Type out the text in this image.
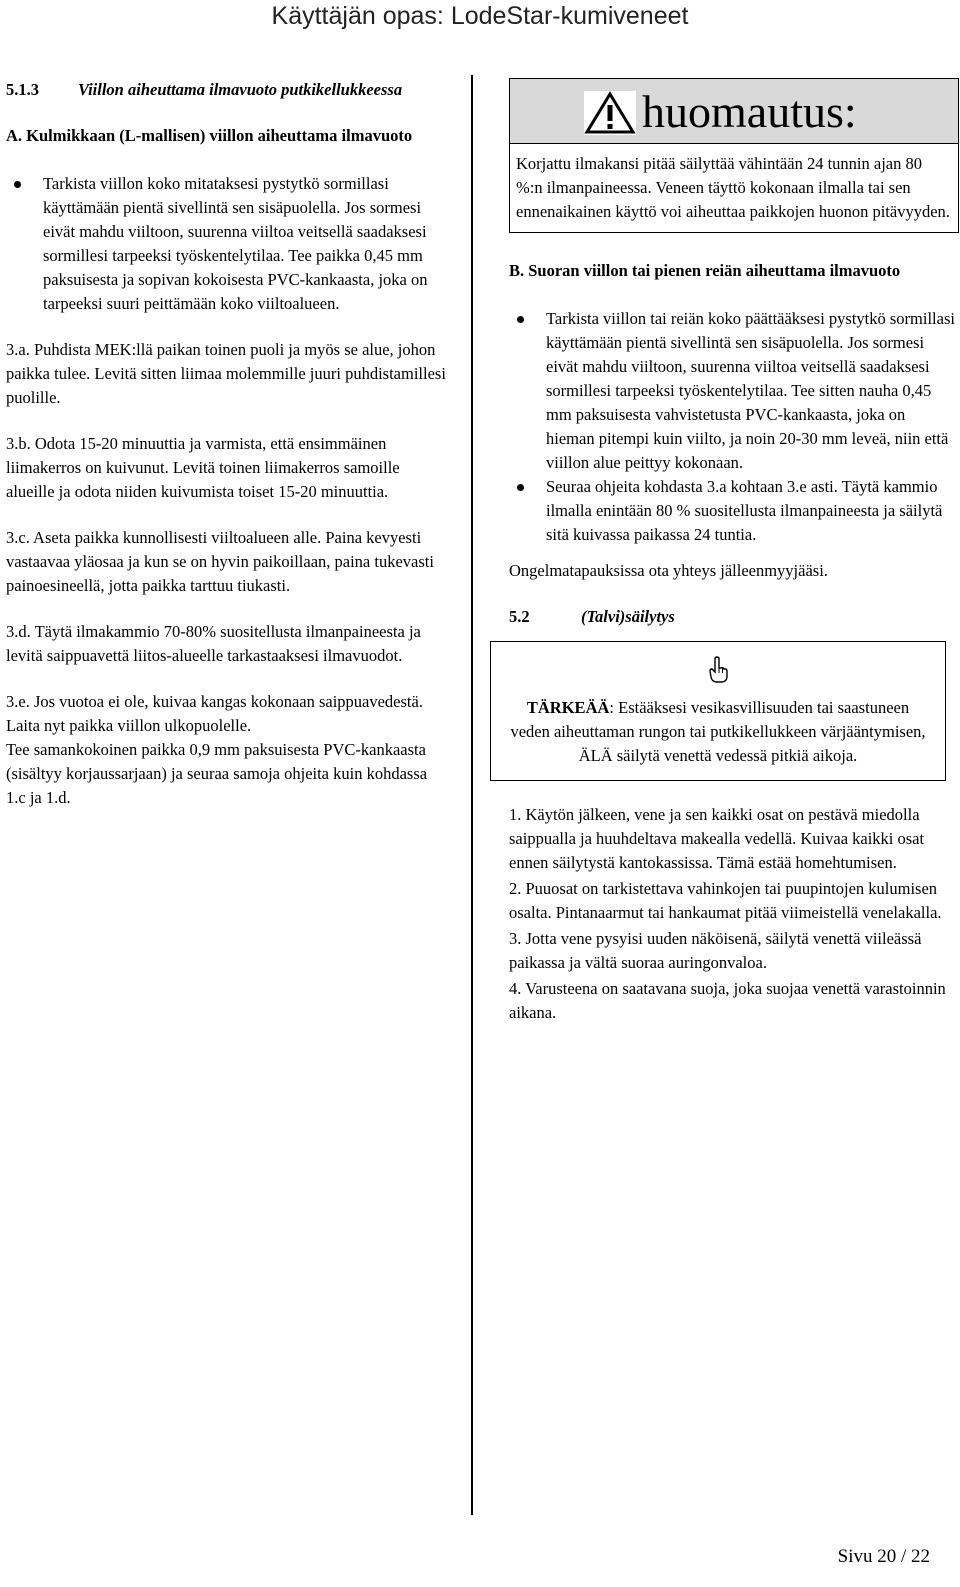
Käyttäjän opas: LodeStar-kumiveneet

5.1.3 Viillon aiheuttama ilmavuoto putkikellukkeessa

A. Kulmikkaan (L-mallisen) viillon aiheuttama ilmavuoto

Tarkista viillon koko mitataksesi pystytkö sormillasi käyttämään pientä sivellintä sen sisäpuolella. Jos sormesi eivät mahdu viiltoon, suurenna viiltoa veitsellä saadaksesi sormillesi tarpeeksi työskentelytilaa. Tee paikka 0,45 mm paksuisesta ja sopivan kokoisesta PVC-kankaasta, joka on tarpeeksi suuri peittämään koko viiltoalueen.

3.a. Puhdista MEK:llä paikan toinen puoli ja myös se alue, johon paikka tulee. Levitä sitten liimaa molemmille juuri puhdistamillesi puolille.

3.b. Odota 15-20 minuuttia ja varmista, että ensimmäinen liimakerros on kuivunut. Levitä toinen liimakerros samoille alueille ja odota niiden kuivumista toiset 15-20 minuuttia.

3.c. Aseta paikka kunnollisesti viiltoalueen alle. Paina kevyesti vastaavaa yläosaa ja kun se on hyvin paikoillaan, paina tukevasti painoesineellä, jotta paikka tarttuu tiukasti.

3.d. Täytä ilmakammio 70-80% suositellusta ilmanpaineesta ja levitä saippuavettä liitos-alueelle tarkastaaksesi ilmavuodot.

3.e. Jos vuotoa ei ole, kuivaa kangas kokonaan saippuavedestä. Laita nyt paikka viillon ulkopuolelle.

Tee samankokoinen paikka 0,9 mm paksuisesta PVC-kankaasta (sisältyy korjaussarjaan) ja seuraa samoja ohjeita kuin kohdassa 1.c ja 1.d.

huomautus:
Korjattu ilmakansi pitää säilyttää vähintään 24 tunnin ajan 80 %:n ilmanpaineessa. Veneen täyttö kokonaan ilmalla tai sen ennenaikainen käyttö voi aiheuttaa paikkojen huonon pitävyyden.

B. Suoran viillon tai pienen reiän aiheuttama ilmavuoto

Tarkista viillon tai reiän koko päättääksesi pystytkö sormillasi käyttämään pientä sivellintä sen sisäpuolella. Jos sormesi eivät mahdu viiltoon, suurenna viiltoa veitsellä saadaksesi sormillesi tarpeeksi työskentelytilaa. Tee sitten nauha 0,45 mm paksuisesta vahvistetusta PVC-kankaasta, joka on hieman pitempi kuin viilto, ja noin 20-30 mm leveä, niin että viillon alue peittyy kokonaan.
Seuraa ohjeita kohdasta 3.a kohtaan 3.e asti. Täytä kammio ilmalla enintään 80 % suositellusta ilmanpaineesta ja säilytä sitä kuivassa paikassa 24 tuntia.

Ongelmatapauksissa ota yhteys jälleenmyyjääsi.

5.2	(Talvi)säilytys

TÄRKEÄÄ: Estääksesi vesikasvillisuuden tai saastuneen veden aiheuttaman rungon tai putkikellukkeen värjääntymisen, ÄLÄ säilytä venettä vedessä pitkiä aikoja.

1. Käytön jälkeen, vene ja sen kaikki osat on pestävä miedolla saippualla ja huuhdeltava makealla vedellä. Kuivaa kaikki osat ennen säilytystä kantokassissa. Tämä estää homehtumisen.

2. Puuosat on tarkistettava vahinkojen tai puupintojen kulumisen osalta. Pintanaarmut tai hankaumat pitää viimeistellä venelakalla.

3. Jotta vene pysyisi uuden näköisenä, säilytä venettä viileässä paikassa ja vältä suoraa auringonvaloa.

4. Varusteena on saatavana suoja, joka suojaa venettä varastoinnin aikana.

Sivu 20 / 22
